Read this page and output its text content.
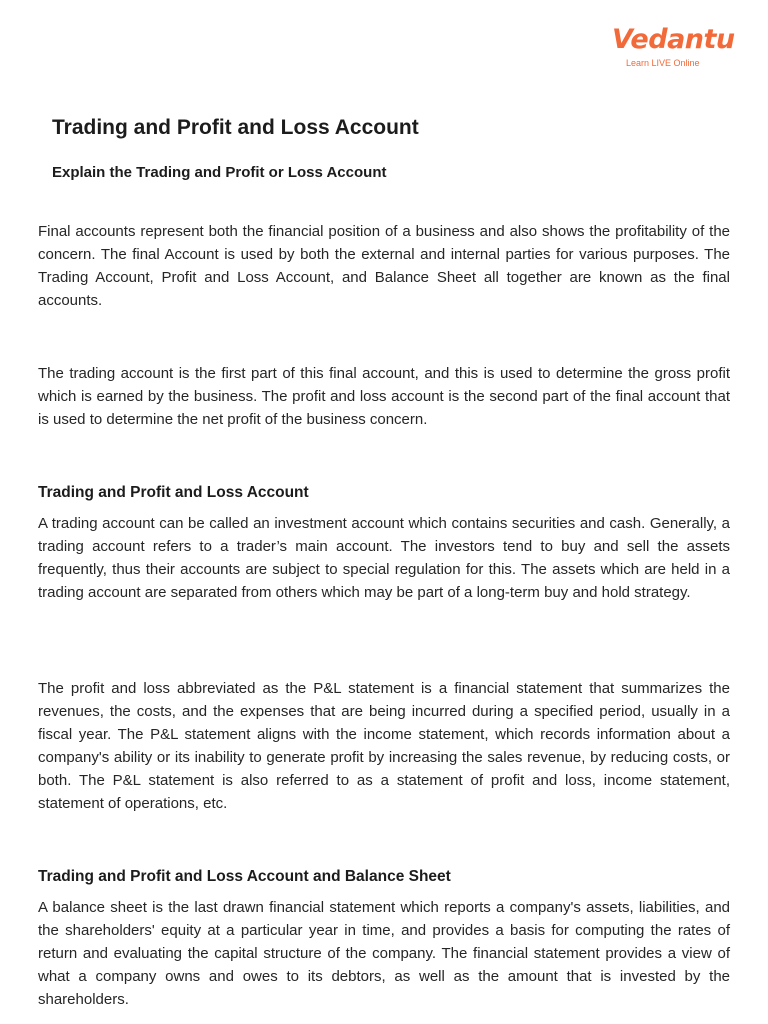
Vedantu
Learn LIVE Online
Trading and Profit and Loss Account
Explain the Trading and Profit or Loss Account

Final accounts represent both the financial position of a business and also shows the profitability of the concern. The final Account is used by both the external and internal parties for various purposes. The Trading Account, Profit and Loss Account, and Balance Sheet all together are known as the final accounts.

The trading account is the first part of this final account, and this is used to determine the gross profit which is earned by the business. The profit and loss account is the second part of the final account that is used to determine the net profit of the business concern.

Trading and Profit and Loss Account

A trading account can be called an investment account which contains securities and cash. Generally, a trading account refers to a trader’s main account. The investors tend to buy and sell the assets frequently, thus their accounts are subject to special regulation for this. The assets which are held in a trading account are separated from others which may be part of a long-term buy and hold strategy.

The profit and loss abbreviated as the P&L statement is a financial statement that summarizes the revenues, the costs, and the expenses that are being incurred during a specified period, usually in a fiscal year. The P&L statement aligns with the income statement, which records information about a company's ability or its inability to generate profit by increasing the sales revenue, by reducing costs, or both. The P&L statement is also referred to as a statement of profit and loss, income statement, statement of operations, etc.

Trading and Profit and Loss Account and Balance Sheet

A balance sheet is the last drawn financial statement which reports a company's assets, liabilities, and the shareholders' equity at a particular year in time, and provides a basis for computing the rates of return and evaluating the capital structure of the company. The financial statement provides a view of what a company owns and owes to its debtors, as well as the amount that is invested by the shareholders.
